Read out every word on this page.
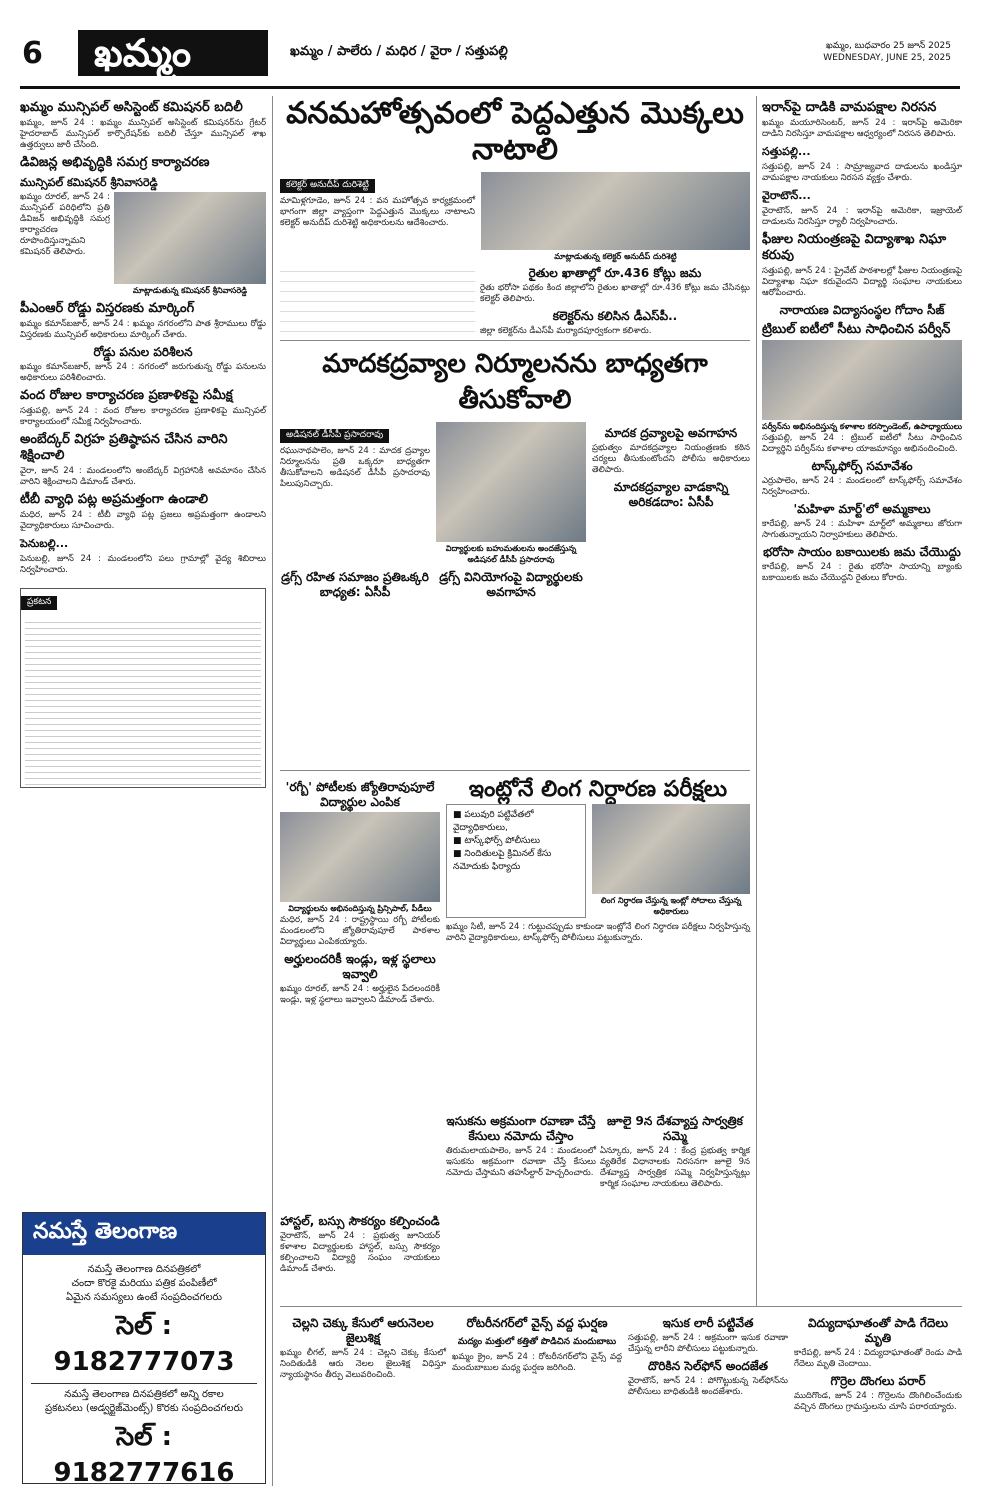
6	ఖమ్మం	ఖమ్మం / పాలేరు / మధిర / వైరా / సత్తుపల్లి	ఖమ్మం, బుధవారం 25 జూన్ 2025
WEDNESDAY, JUNE 25, 2025
ఖమ్మం మున్సిపల్ అసిస్టెంట్ కమిషనర్ బదిలీ
ఖమ్మం, జూన్ 24 : ఖమ్మం మున్సిపల్ అసిస్టెంట్ కమిషనర్‌ను గ్రేటర్ హైదరాబాద్ మున్సిపల్ కార్పొరేషన్‌కు బదిలీ చేస్తూ మున్సిపల్ శాఖ ఉత్తర్వులు జారీ చేసింది.
డివిజన్ల అభివృద్ధికి సమగ్ర కార్యాచరణ
మున్సిపల్ కమిషనర్ శ్రీనివాసరెడ్డి
ఖమ్మం రూరల్, జూన్ 24 : మున్సిపల్ పరిధిలోని ప్రతి డివిజన్ అభివృద్ధికి సమగ్ర కార్యాచరణ రూపొందిస్తున్నామని కమిషనర్ తెలిపారు.
మాట్లాడుతున్న కమిషనర్ శ్రీనివాసరెడ్డి
పీఎంఆర్ రోడ్డు విస్తరణకు మార్కింగ్
ఖమ్మం కమాన్‌బజార్, జూన్ 24 : ఖమ్మం నగరంలోని పాత శ్రీరాములు రోడ్డు విస్తరణకు మున్సిపల్ అధికారులు మార్కింగ్ చేశారు.
రోడ్డు పనుల పరిశీలన
ఖమ్మం కమాన్‌బజార్, జూన్ 24 : నగరంలో జరుగుతున్న రోడ్డు పనులను అధికారులు పరిశీలించారు.
వంద రోజుల కార్యాచరణ ప్రణాళికపై సమీక్ష
సత్తుపల్లి, జూన్ 24 : వంద రోజుల కార్యాచరణ ప్రణాళికపై మున్సిపల్ కార్యాలయంలో సమీక్ష నిర్వహించారు.
అంబేద్కర్ విగ్రహ ప్రతిష్ఠాపన చేసిన వారిని శిక్షించాలి
వైరా, జూన్ 24 : మండలంలోని అంబేద్కర్ విగ్రహానికి అవమానం చేసిన వారిని శిక్షించాలని డిమాండ్ చేశారు.
టీబీ వ్యాధి పట్ల అప్రమత్తంగా ఉండాలి
మధిర, జూన్ 24 : టీబీ వ్యాధి పట్ల ప్రజలు అప్రమత్తంగా ఉండాలని వైద్యాధికారులు సూచించారు.
పెనుబల్లి...
పెనుబల్లి, జూన్ 24 : మండలంలోని పలు గ్రామాల్లో వైద్య శిబిరాలు నిర్వహించారు.
ప్రకటన
నమస్తే తెలంగాణ
నమస్తే తెలంగాణ దినపత్రికలో
చందా కొరకై మరియు పత్రిక పంపిణీలో
ఏమైన సమస్యలు ఉంటే సంప్రదించగలరు
సెల్ : 9182777073
నమస్తే తెలంగాణ దినపత్రికలో అన్ని రకాల
ప్రకటనలు (అడ్వర్టైజ్‌మెంట్స్) కొరకు సంప్రదించగలరు
సెల్ : 9182777616
వనమహోత్సవంలో పెద్దఎత్తున మొక్కలు నాటాలి
కలెక్టర్ అనుదీప్ దురిశెట్టి
మామిళ్లగూడెం, జూన్ 24 : వన మహోత్సవ కార్యక్రమంలో భాగంగా జిల్లా వ్యాప్తంగా పెద్దఎత్తున మొక్కలు నాటాలని కలెక్టర్ అనుదీప్ దురిశెట్టి అధికారులను ఆదేశించారు.
మాట్లాడుతున్న కలెక్టర్ అనుదీప్ దురిశెట్టి
రైతుల ఖాతాల్లో రూ.436 కోట్లు జమ
రైతు భరోసా పథకం కింద జిల్లాలోని రైతుల ఖాతాల్లో రూ.436 కోట్లు జమ చేసినట్లు కలెక్టర్ తెలిపారు.
కలెక్టర్‌ను కలిసిన డీఎస్‌పీ..
జిల్లా కలెక్టర్‌ను డీఎస్‌పీ మర్యాదపూర్వకంగా కలిశారు.
మాదకద్రవ్యాల నిర్మూలనను బాధ్యతగా తీసుకోవాలి
అడిషనల్ డీసీపీ ప్రసాదరావు
రఘునాథపాలెం, జూన్ 24 : మాదక ద్రవ్యాల నిర్మూలనను ప్రతి ఒక్కరూ బాధ్యతగా తీసుకోవాలని అడిషనల్ డీసీపీ ప్రసాదరావు పిలుపునిచ్చారు.
విద్యార్థులకు బహుమతులను అందజేస్తున్న అడిషనల్ డీసీపీ ప్రసాదరావు
మాదక ద్రవ్యాలపై అవగాహన
ప్రభుత్వం మాదకద్రవ్యాల నియంత్రణకు కఠిన చర్యలు తీసుకుంటోందని పోలీసు అధికారులు తెలిపారు.
మాదకద్రవ్యాల వాడకాన్ని అరికడదాం: ఏసీపీ
డ్రగ్స్ రహిత సమాజం ప్రతిఒక్కరి బాధ్యత: ఏసీపీ
డ్రగ్స్ వినియోగంపై విద్యార్థులకు అవగాహన
'రగ్బీ' పోటీలకు జ్యోతిరావుపూలే విద్యార్థుల ఎంపిక
విద్యార్థులను అభినందిస్తున్న ప్రిన్సిపాల్, పీడీలు
మధిర, జూన్ 24 : రాష్ట్రస్థాయి రగ్బీ పోటీలకు మండలంలోని జ్యోతిరావుపూలే పాఠశాల విద్యార్థులు ఎంపికయ్యారు.
అర్హులందరికీ ఇండ్లు, ఇళ్ల స్థలాలు ఇవ్వాలి
ఖమ్మం రూరల్, జూన్ 24 : అర్హులైన పేదలందరికీ ఇండ్లు, ఇళ్ల స్థలాలు ఇవ్వాలని డిమాండ్ చేశారు.
ఇంట్లోనే లింగ నిర్ధారణ పరీక్షలు
■ పలువురి పట్టివేతలో వైద్యాధికారులు,
■ టాస్క్‌ఫోర్స్ పోలీసులు
■ నిందితులపై క్రిమినల్ కేసు నమోదుకు ఫిర్యాదు
లింగ నిర్ధారణ చేస్తున్న ఇంట్లో సోదాలు చేస్తున్న అధికారులు
ఖమ్మం సిటీ, జూన్ 24 : గుట్టుచప్పుడు కాకుండా ఇంట్లోనే లింగ నిర్ధారణ పరీక్షలు నిర్వహిస్తున్న వారిని వైద్యాధికారులు, టాస్క్‌ఫోర్స్ పోలీసులు పట్టుకున్నారు.
హాస్టల్, బస్సు సౌకర్యం కల్పించండి
వైరాటౌన్, జూన్ 24 : ప్రభుత్వ జూనియర్ కళాశాల విద్యార్థులకు హాస్టల్, బస్సు సౌకర్యం కల్పించాలని విద్యార్థి సంఘం నాయకులు డిమాండ్ చేశారు.
ఇసుకను అక్రమంగా రవాణా చేస్తే కేసులు నమోదు చేస్తాం
తిరుమలాయపాలెం, జూన్ 24 : మండలంలో ఇసుకను అక్రమంగా రవాణా చేస్తే కేసులు నమోదు చేస్తామని తహసీల్దార్ హెచ్చరించారు.
జూలై 9న దేశవ్యాప్త సార్వత్రిక సమ్మె
ఏన్కూరు, జూన్ 24 : కేంద్ర ప్రభుత్వ కార్మిక వ్యతిరేక విధానాలకు నిరసనగా జూలై 9న దేశవ్యాప్త సార్వత్రిక సమ్మె నిర్వహిస్తున్నట్లు కార్మిక సంఘాల నాయకులు తెలిపారు.
ఇరాన్‌పై దాడికి వామపక్షాల నిరసన
ఖమ్మం మయూరిసెంటర్, జూన్ 24 : ఇరాన్‌పై అమెరికా దాడిని నిరసిస్తూ వామపక్షాల ఆధ్వర్యంలో నిరసన తెలిపారు.
సత్తుపల్లి...
సత్తుపల్లి, జూన్ 24 : సామ్రాజ్యవాద దాడులను ఖండిస్తూ వామపక్షాల నాయకులు నిరసన వ్యక్తం చేశారు.
వైరాటౌన్...
వైరాటౌన్, జూన్ 24 : ఇరాన్‌పై అమెరికా, ఇజ్రాయెల్ దాడులను నిరసిస్తూ ర్యాలీ నిర్వహించారు.
ఫీజుల నియంత్రణపై విద్యాశాఖ నిఘా కరువు
సత్తుపల్లి, జూన్ 24 : ప్రైవేట్ పాఠశాలల్లో ఫీజుల నియంత్రణపై విద్యాశాఖ నిఘా కరువైందని విద్యార్థి సంఘాల నాయకులు ఆరోపించారు.
నారాయణ విద్యాసంస్థల గోదాం సీజ్
ట్రిబుల్ ఐటీలో సీటు సాధించిన పర్వీన్
పర్వీన్‌ను అభినందిస్తున్న కళాశాల కరస్పాండెంట్, ఉపాధ్యాయులు
సత్తుపల్లి, జూన్ 24 : ట్రిబుల్ ఐటీలో సీటు సాధించిన విద్యార్థిని పర్వీన్‌ను కళాశాల యాజమాన్యం అభినందించింది.
టాస్క్‌ఫోర్స్ సమావేశం
ఎర్రుపాలెం, జూన్ 24 : మండలంలో టాస్క్‌ఫోర్స్ సమావేశం నిర్వహించారు.
'మహిళా మార్ట్'లో అమ్మకాలు
కారేపల్లి, జూన్ 24 : మహిళా మార్ట్‌లో అమ్మకాలు జోరుగా సాగుతున్నాయని నిర్వాహకులు తెలిపారు.
భరోసా సాయం బకాయిలకు జమ చేయొద్దు
కారేపల్లి, జూన్ 24 : రైతు భరోసా సాయాన్ని బ్యాంకు బకాయిలకు జమ చేయొద్దని రైతులు కోరారు.
చెల్లని చెక్కు కేసులో ఆరునెలల జైలుశిక్ష
ఖమ్మం లీగల్, జూన్ 24 : చెల్లని చెక్కు కేసులో నిందితుడికి ఆరు నెలల జైలుశిక్ష విధిస్తూ న్యాయస్థానం తీర్పు వెలువరించింది.
రోటరీనగర్‌లో వైన్స్ వద్ద ఘర్షణ
మద్యం మత్తులో కత్తితో పొడిచిన మందుబాబు
ఖమ్మం క్రైం, జూన్ 24 : రోటరీనగర్‌లోని వైన్స్ వద్ద మందుబాబుల మధ్య ఘర్షణ జరిగింది.
ఇసుక లారీ పట్టివేత
సత్తుపల్లి, జూన్ 24 : అక్రమంగా ఇసుక రవాణా చేస్తున్న లారీని పోలీసులు పట్టుకున్నారు.
దొరికిన సెల్‌ఫోన్ అందజేత
వైరాటౌన్, జూన్ 24 : పోగొట్టుకున్న సెల్‌ఫోన్‌ను పోలీసులు బాధితుడికి అందజేశారు.
విద్యుదాఘాతంతో పాడి గేదెలు మృతి
కారేపల్లి, జూన్ 24 : విద్యుదాఘాతంతో రెండు పాడి గేదెలు మృతి చెందాయి.
గొర్రెల దొంగలు పరార్
ముదిగొండ, జూన్ 24 : గొర్రెలను దొంగిలించేందుకు వచ్చిన దొంగలు గ్రామస్తులను చూసి పరారయ్యారు.
